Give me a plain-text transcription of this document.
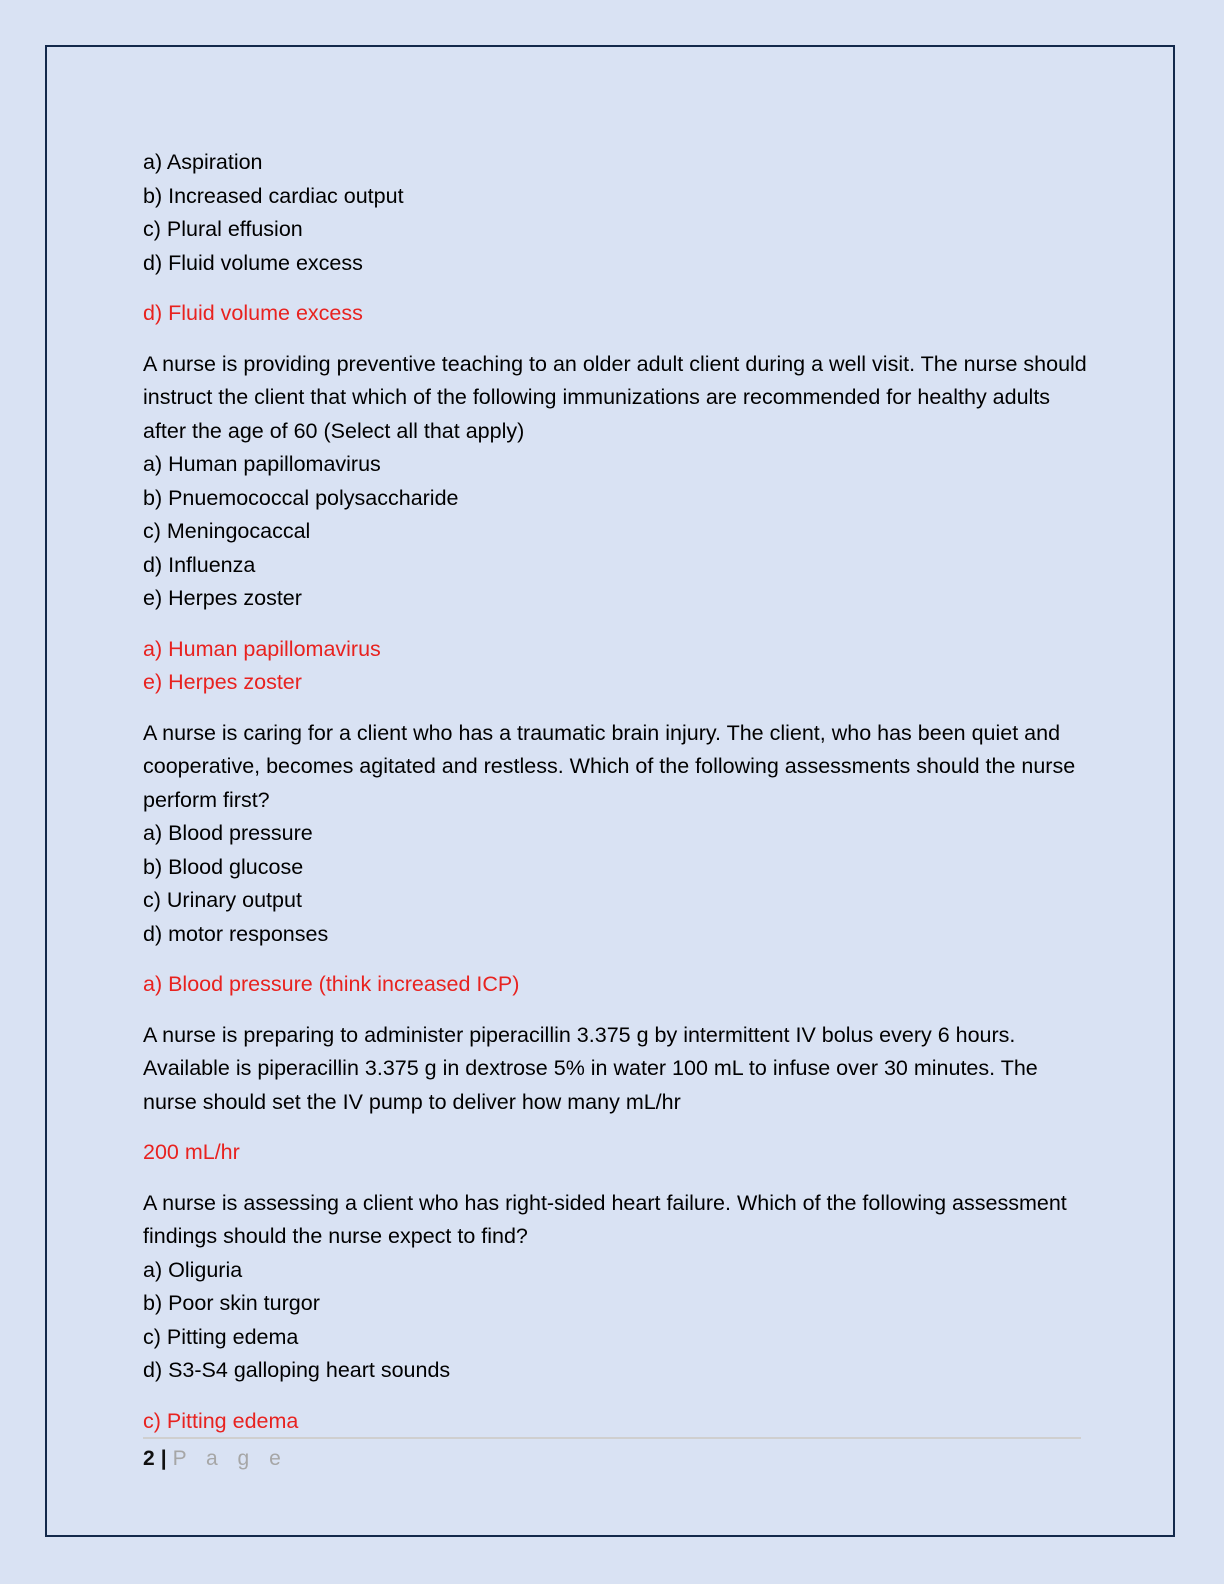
a) Aspiration
b) Increased cardiac output
c) Plural effusion
d) Fluid volume excess
d) Fluid volume excess
A nurse is providing preventive teaching to an older adult client during a well visit. The nurse should instruct the client that which of the following immunizations are recommended for healthy adults after the age of 60 (Select all that apply)
a) Human papillomavirus
b) Pnuemococcal polysaccharide
c) Meningocaccal
d) Influenza
e) Herpes zoster
a) Human papillomavirus
e) Herpes zoster
A nurse is caring for a client who has a traumatic brain injury. The client, who has been quiet and cooperative, becomes agitated and restless. Which of the following assessments should the nurse perform first?
a) Blood pressure
b) Blood glucose
c) Urinary output
d) motor responses
a) Blood pressure (think increased ICP)
A nurse is preparing to administer piperacillin 3.375 g by intermittent IV bolus every 6 hours. Available is piperacillin 3.375 g in dextrose 5% in water 100 mL to infuse over 30 minutes. The nurse should set the IV pump to deliver how many mL/hr
200 mL/hr
A nurse is assessing a client who has right-sided heart failure. Which of the following assessment findings should the nurse expect to find?
a) Oliguria
b) Poor skin turgor
c) Pitting edema
d) S3-S4 galloping heart sounds
c) Pitting edema
2 | P a g e
